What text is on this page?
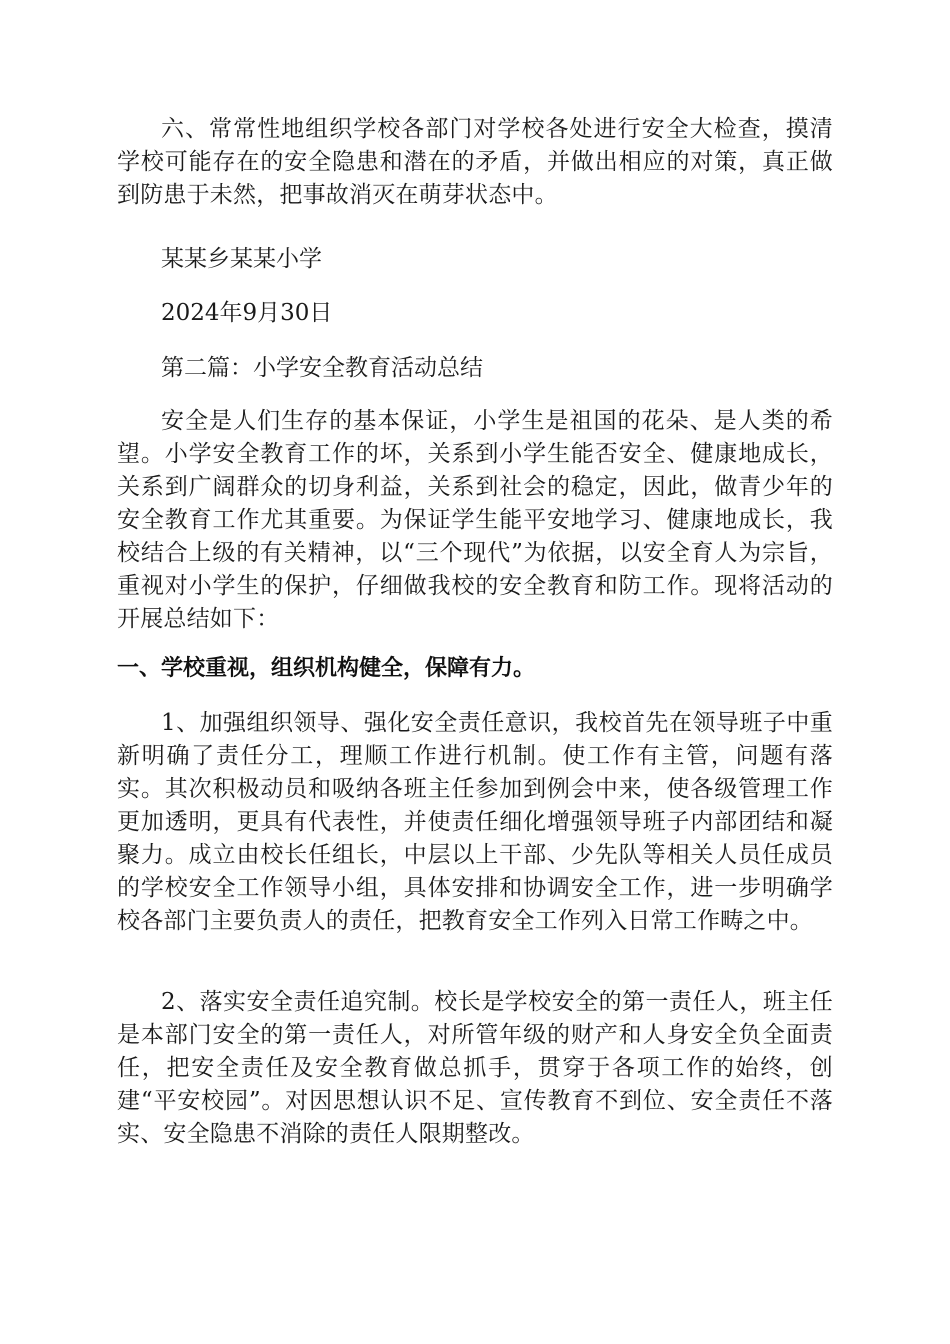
六、常常性地组织学校各部门对学校各处进行安全大检查，摸清学校可能存在的安全隐患和潜在的矛盾，并做出相应的对策，真正做到防患于未然，把事故消灭在萌芽状态中。

某某乡某某小学
2024年9月30日
第二篇：小学安全教育活动总结

安全是人们生存的基本保证，小学生是祖国的花朵、是人类的希望。小学安全教育工作的坏，关系到小学生能否安全、健康地成长，关系到广阔群众的切身利益，关系到社会的稳定，因此，做青少年的安全教育工作尤其重要。为保证学生能平安地学习、健康地成长，我校结合上级的有关精神，以“三个现代”为依据，以安全育人为宗旨，重视对小学生的保护，仔细做我校的安全教育和防工作。现将活动的开展总结如下：

一、学校重视，组织机构健全，保障有力。

1、加强组织领导、强化安全责任意识，我校首先在领导班子中重新明确了责任分工，理顺工作进行机制。使工作有主管，问题有落实。其次积极动员和吸纳各班主任参加到例会中来，使各级管理工作更加透明，更具有代表性，并使责任细化增强领导班子内部团结和凝聚力。成立由校长任组长，中层以上干部、少先队等相关人员任成员的学校安全工作领导小组，具体安排和协调安全工作，进一步明确学校各部门主要负责人的责任，把教育安全工作列入日常工作畴之中。

2、落实安全责任追究制。校长是学校安全的第一责任人，班主任是本部门安全的第一责任人，对所管年级的财产和人身安全负全面责任，把安全责任及安全教育做总抓手，贯穿于各项工作的始终，创建“平安校园”。对因思想认识不足、宣传教育不到位、安全责任不落实、安全隐患不消除的责任人限期整改。
